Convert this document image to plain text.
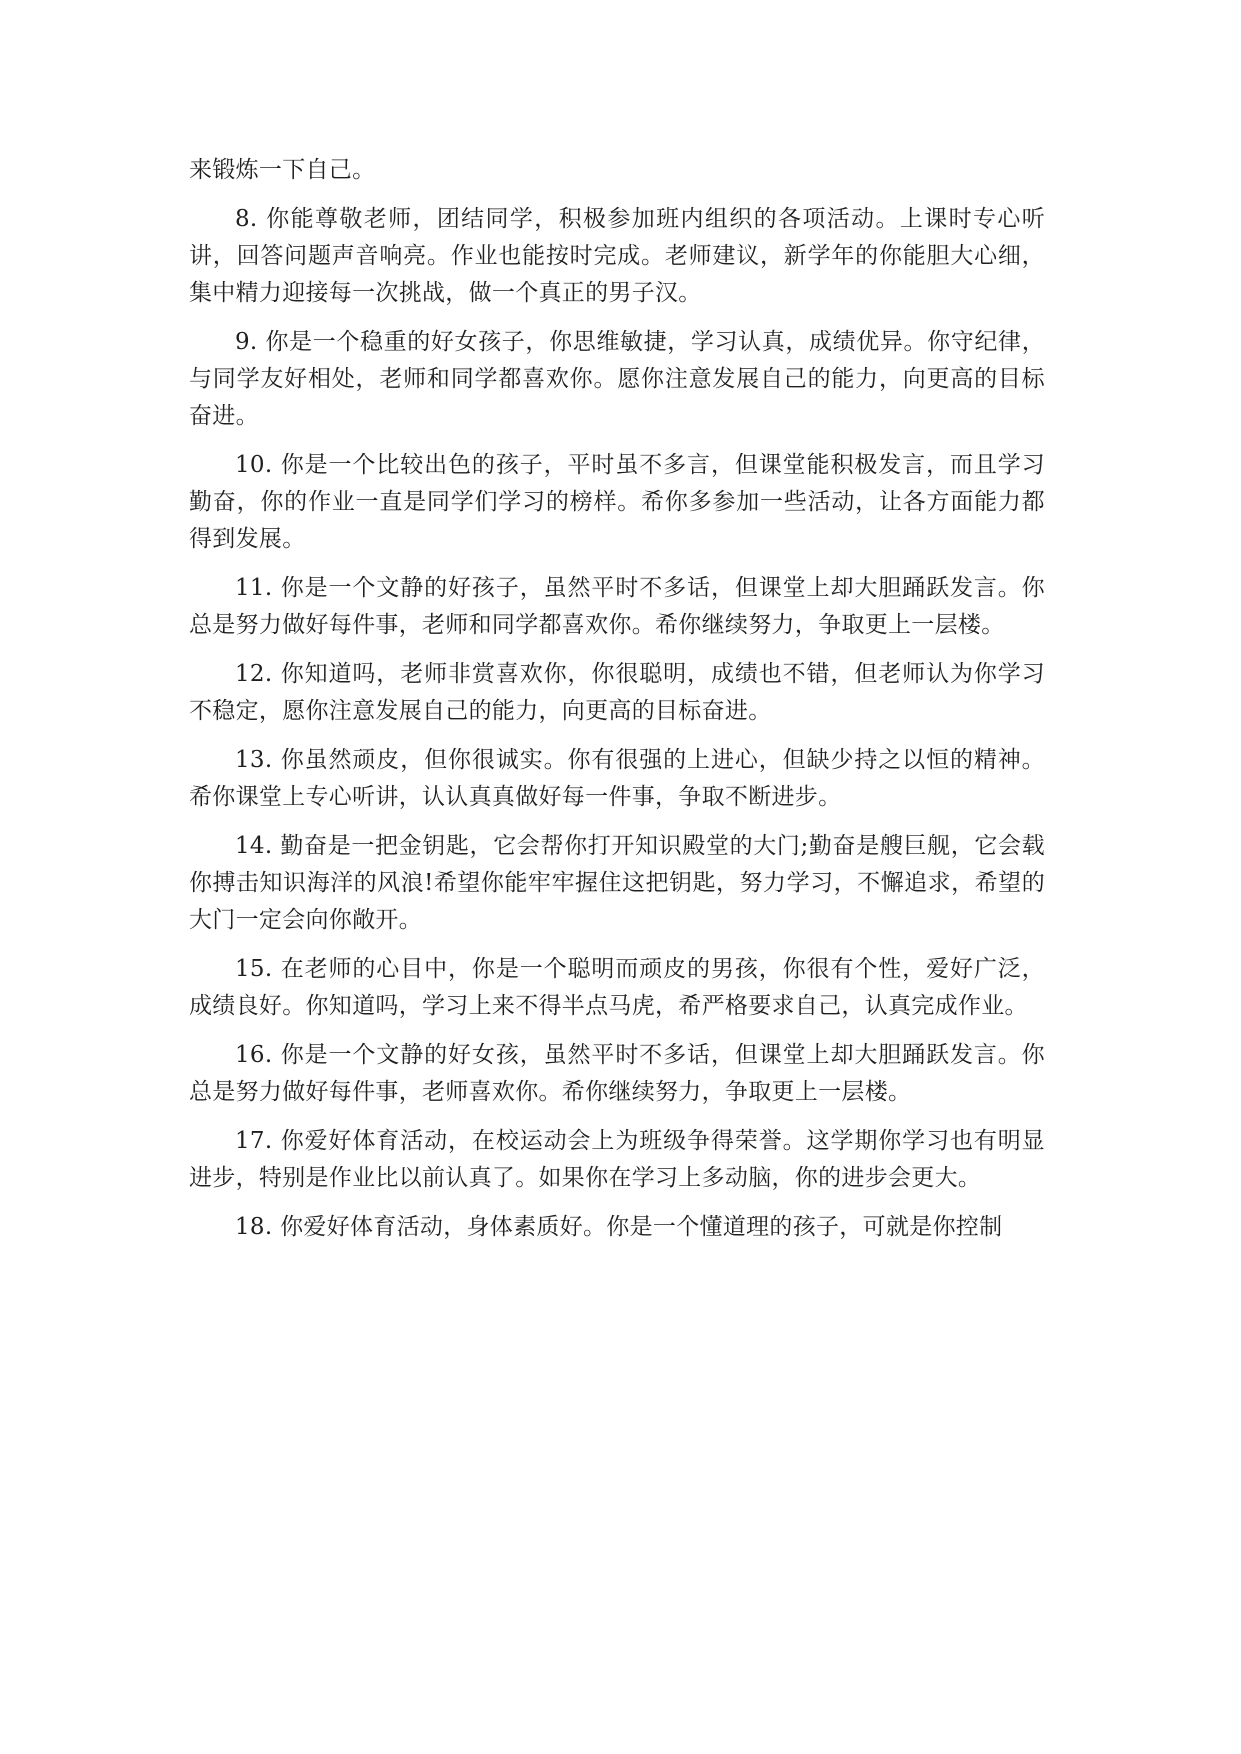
来锻炼一下自己。

8. 你能尊敬老师，团结同学，积极参加班内组织的各项活动。上课时专心听讲，回答问题声音响亮。作业也能按时完成。老师建议，新学年的你能胆大心细，集中精力迎接每一次挑战，做一个真正的男子汉。

9. 你是一个稳重的好女孩子，你思维敏捷，学习认真，成绩优异。你守纪律，与同学友好相处，老师和同学都喜欢你。愿你注意发展自己的能力，向更高的目标奋进。

10. 你是一个比较出色的孩子，平时虽不多言，但课堂能积极发言，而且学习勤奋，你的作业一直是同学们学习的榜样。希你多参加一些活动，让各方面能力都得到发展。

11. 你是一个文静的好孩子，虽然平时不多话，但课堂上却大胆踊跃发言。你总是努力做好每件事，老师和同学都喜欢你。希你继续努力，争取更上一层楼。

12. 你知道吗，老师非赏喜欢你，你很聪明，成绩也不错，但老师认为你学习不稳定，愿你注意发展自己的能力，向更高的目标奋进。

13. 你虽然顽皮，但你很诚实。你有很强的上进心，但缺少持之以恒的精神。希你课堂上专心听讲，认认真真做好每一件事，争取不断进步。

14. 勤奋是一把金钥匙，它会帮你打开知识殿堂的大门;勤奋是艘巨舰，它会载你搏击知识海洋的风浪!希望你能牢牢握住这把钥匙，努力学习，不懈追求，希望的大门一定会向你敞开。

15. 在老师的心目中，你是一个聪明而顽皮的男孩，你很有个性，爱好广泛，成绩良好。你知道吗，学习上来不得半点马虎，希严格要求自己，认真完成作业。

16. 你是一个文静的好女孩，虽然平时不多话，但课堂上却大胆踊跃发言。你总是努力做好每件事，老师喜欢你。希你继续努力，争取更上一层楼。

17. 你爱好体育活动，在校运动会上为班级争得荣誉。这学期你学习也有明显进步，特别是作业比以前认真了。如果你在学习上多动脑，你的进步会更大。

18. 你爱好体育活动，身体素质好。你是一个懂道理的孩子，可就是你控制
